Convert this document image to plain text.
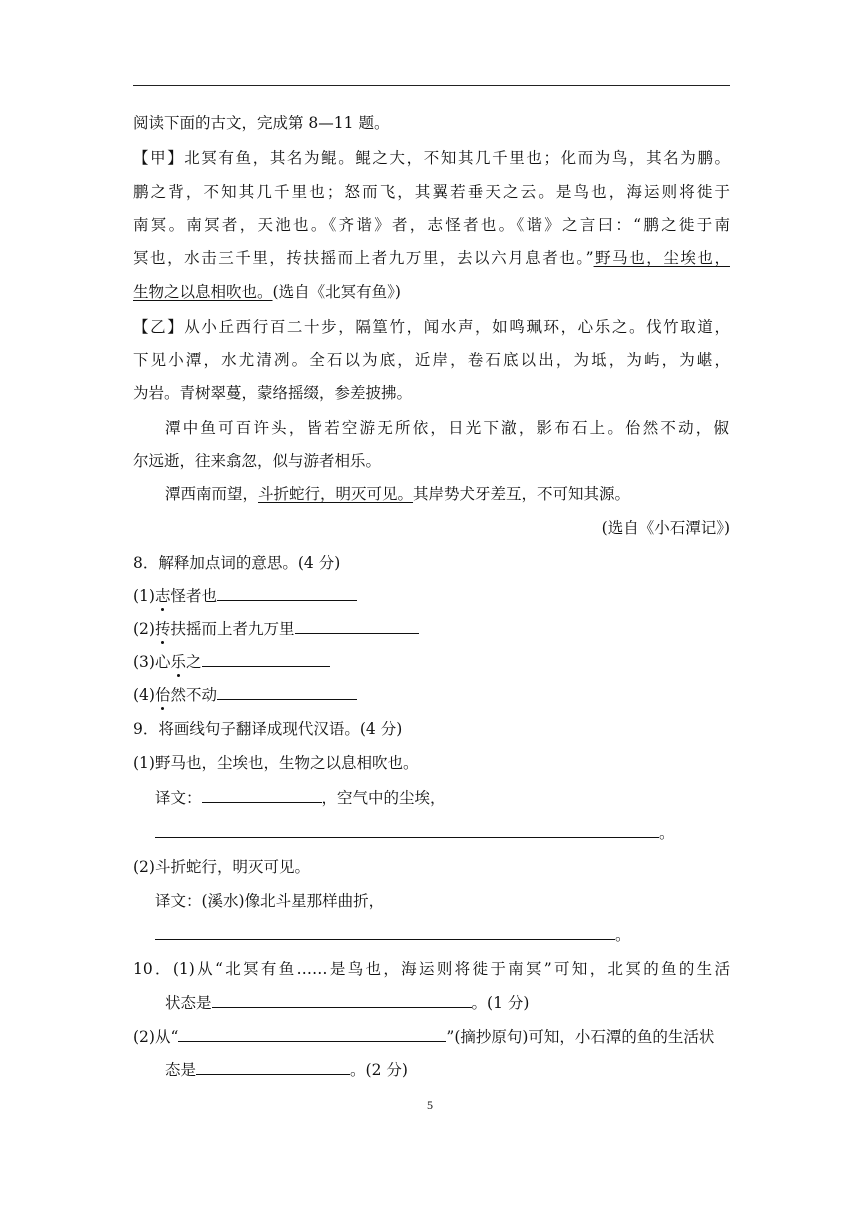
阅读下面的古文，完成第 8—11 题。
【甲】北冥有鱼，其名为鲲。鲲之大，不知其几千里也；化而为鸟，其名为鹏。
鹏之背，不知其几千里也；怒而飞，其翼若垂天之云。是鸟也，海运则将徙于
南冥。南冥者，天池也。《齐谐》者，志怪者也。《谐》之言曰：“鹏之徙于南
冥也，水击三千里，抟扶摇而上者九万里，去以六月息者也。”野马也，尘埃也，
生物之以息相吹也。(选自《北冥有鱼》)
【乙】从小丘西行百二十步，隔篁竹，闻水声，如鸣珮环，心乐之。伐竹取道，
下见小潭，水尤清冽。全石以为底，近岸，卷石底以出，为坻，为屿，为嵁，
为岩。青树翠蔓，蒙络摇缀，参差披拂。
潭中鱼可百许头，皆若空游无所依，日光下澈，影布石上。佁然不动，俶
尔远逝，往来翕忽，似与游者相乐。
潭西南而望，斗折蛇行，明灭可见。其岸势犬牙差互，不可知其源。
(选自《小石潭记》)
8．解释加点词的意思。(4 分)
(1)志怪者也
(2)抟扶摇而上者九万里
(3)心乐之
(4)佁然不动
9．将画线句子翻译成现代汉语。(4 分)
(1)野马也，尘埃也，生物之以息相吹也。
译文：	，空气中的尘埃，
。
(2)斗折蛇行，明灭可见。
译文：(溪水)像北斗星那样曲折，
。
10．(1)从“北冥有鱼……是鸟也，海运则将徙于南冥”可知，北冥的鱼的生活
状态是	。(1 分)
(2)从“	”(摘抄原句)可知，小石潭的鱼的生活状
态是	。(2 分)
5
